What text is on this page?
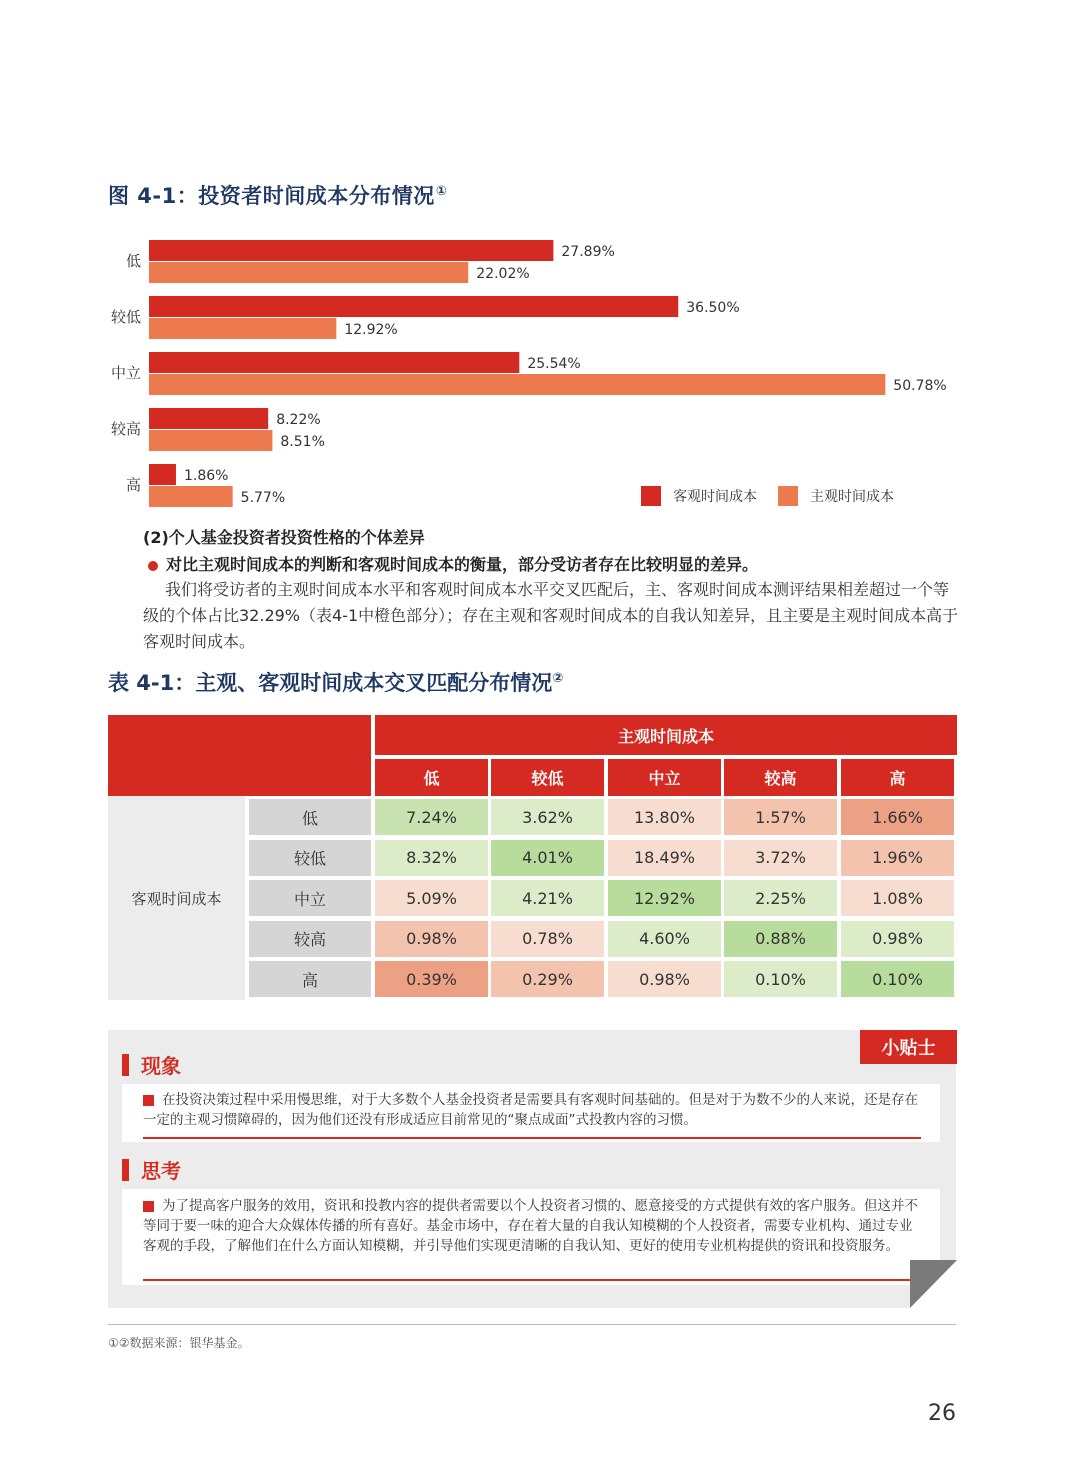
图 4-1：投资者时间成本分布情况①
低	27.89%
22.02%
较低	36.50%
12.92%
中立	25.54%
50.78%
较高	8.22%
8.51%
高	1.86%
5.77%	客观时间成本	主观时间成本
(2)个人基金投资者投资性格的个体差异
对比主观时间成本的判断和客观时间成本的衡量，部分受访者存在比较明显的差异。
我们将受访者的主观时间成本水平和客观时间成本水平交叉匹配后，主、客观时间成本测评结果相差超过一个等级的个体占比32.29%（表4-1中橙色部分）；存在主观和客观时间成本的自我认知差异，且主要是主观时间成本高于客观时间成本。
表 4-1：主观、客观时间成本交叉匹配分布情况②
主观时间成本
客观时间成本
低	较低	中立	较高	高
低	7.24%	3.62%	13.80%	1.57%	1.66%
较低	8.32%	4.01%	18.49%	3.72%	1.96%
中立	5.09%	4.21%	12.92%	2.25%	1.08%
较高	0.98%	0.78%	4.60%	0.88%	0.98%
高	0.39%	0.29%	0.98%	0.10%	0.10%
小贴士
现象
在投资决策过程中采用慢思维，对于大多数个人基金投资者是需要具有客观时间基础的。但是对于为数不少的人来说，还是存在一定的主观习惯障碍的，因为他们还没有形成适应目前常见的“聚点成面”式投教内容的习惯。
思考
为了提高客户服务的效用，资讯和投教内容的提供者需要以个人投资者习惯的、愿意接受的方式提供有效的客户服务。但这并不等同于要一味的迎合大众媒体传播的所有喜好。基金市场中，存在着大量的自我认知模糊的个人投资者，需要专业机构、通过专业客观的手段，了解他们在什么方面认知模糊，并引导他们实现更清晰的自我认知、更好的使用专业机构提供的资讯和投资服务。
①②数据来源：银华基金。
26
